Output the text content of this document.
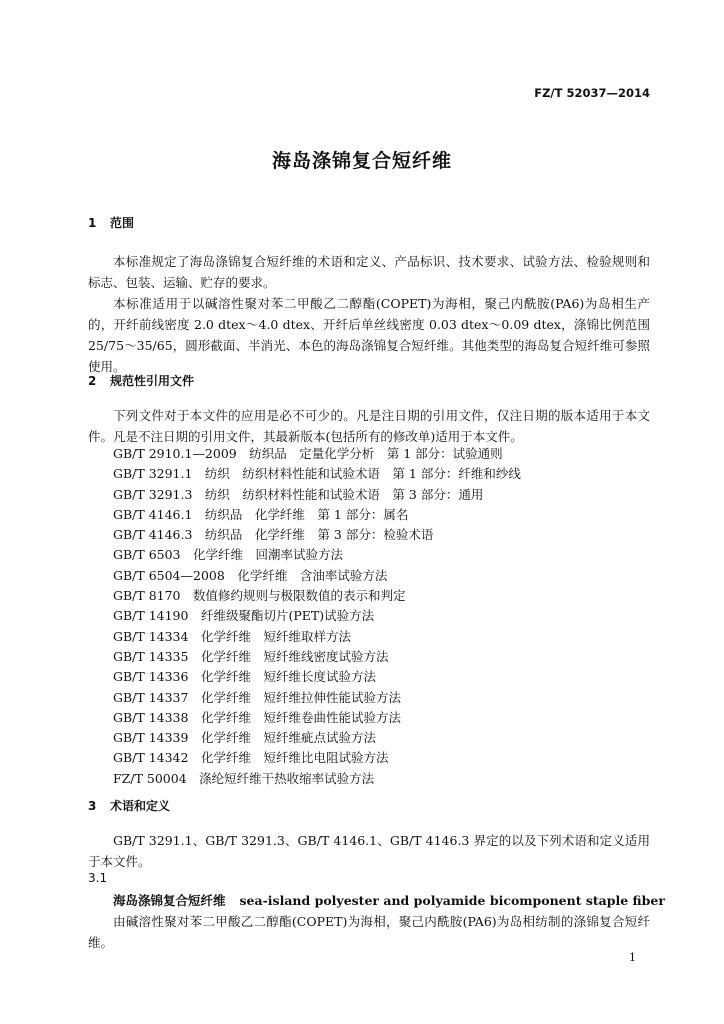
FZ/T 52037—2014
海岛涤锦复合短纤维
1 范围

本标准规定了海岛涤锦复合短纤维的术语和定义、产品标识、技术要求、试验方法、检验规则和标志、包装、运输、贮存的要求。

本标准适用于以碱溶性聚对苯二甲酸乙二醇酯(COPET)为海相，聚己内酰胺(PA6)为岛相生产的，开纤前线密度 2.0 dtex～4.0 dtex、开纤后单丝线密度 0.03 dtex～0.09 dtex，涤锦比例范围 25/75～35/65，圆形截面、半消光、本色的海岛涤锦复合短纤维。其他类型的海岛复合短纤维可参照使用。

2 规范性引用文件

下列文件对于本文件的应用是必不可少的。凡是注日期的引用文件，仅注日期的版本适用于本文件。凡是不注日期的引用文件，其最新版本(包括所有的修改单)适用于本文件。

GB/T 2910.1—2009　纺织品　定量化学分析　第 1 部分：试验通则
GB/T 3291.1　纺织　纺织材料性能和试验术语　第 1 部分：纤维和纱线
GB/T 3291.3　纺织　纺织材料性能和试验术语　第 3 部分：通用
GB/T 4146.1　纺织品　化学纤维　第 1 部分：属名
GB/T 4146.3　纺织品　化学纤维　第 3 部分：检验术语
GB/T 6503　化学纤维　回潮率试验方法
GB/T 6504—2008　化学纤维　含油率试验方法
GB/T 8170　数值修约规则与极限数值的表示和判定
GB/T 14190　纤维级聚酯切片(PET)试验方法
GB/T 14334　化学纤维　短纤维取样方法
GB/T 14335　化学纤维　短纤维线密度试验方法
GB/T 14336　化学纤维　短纤维长度试验方法
GB/T 14337　化学纤维　短纤维拉伸性能试验方法
GB/T 14338　化学纤维　短纤维卷曲性能试验方法
GB/T 14339　化学纤维　短纤维疵点试验方法
GB/T 14342　化学纤维　短纤维比电阻试验方法
FZ/T 50004　涤纶短纤维干热收缩率试验方法
3 术语和定义

GB/T 3291.1、GB/T 3291.3、GB/T 4146.1、GB/T 4146.3 界定的以及下列术语和定义适用于本文件。

3.1
海岛涤锦复合短纤维 sea-island polyester and polyamide bicomponent staple fiber

由碱溶性聚对苯二甲酸乙二醇酯(COPET)为海相，聚己内酰胺(PA6)为岛相纺制的涤锦复合短纤维。

1
